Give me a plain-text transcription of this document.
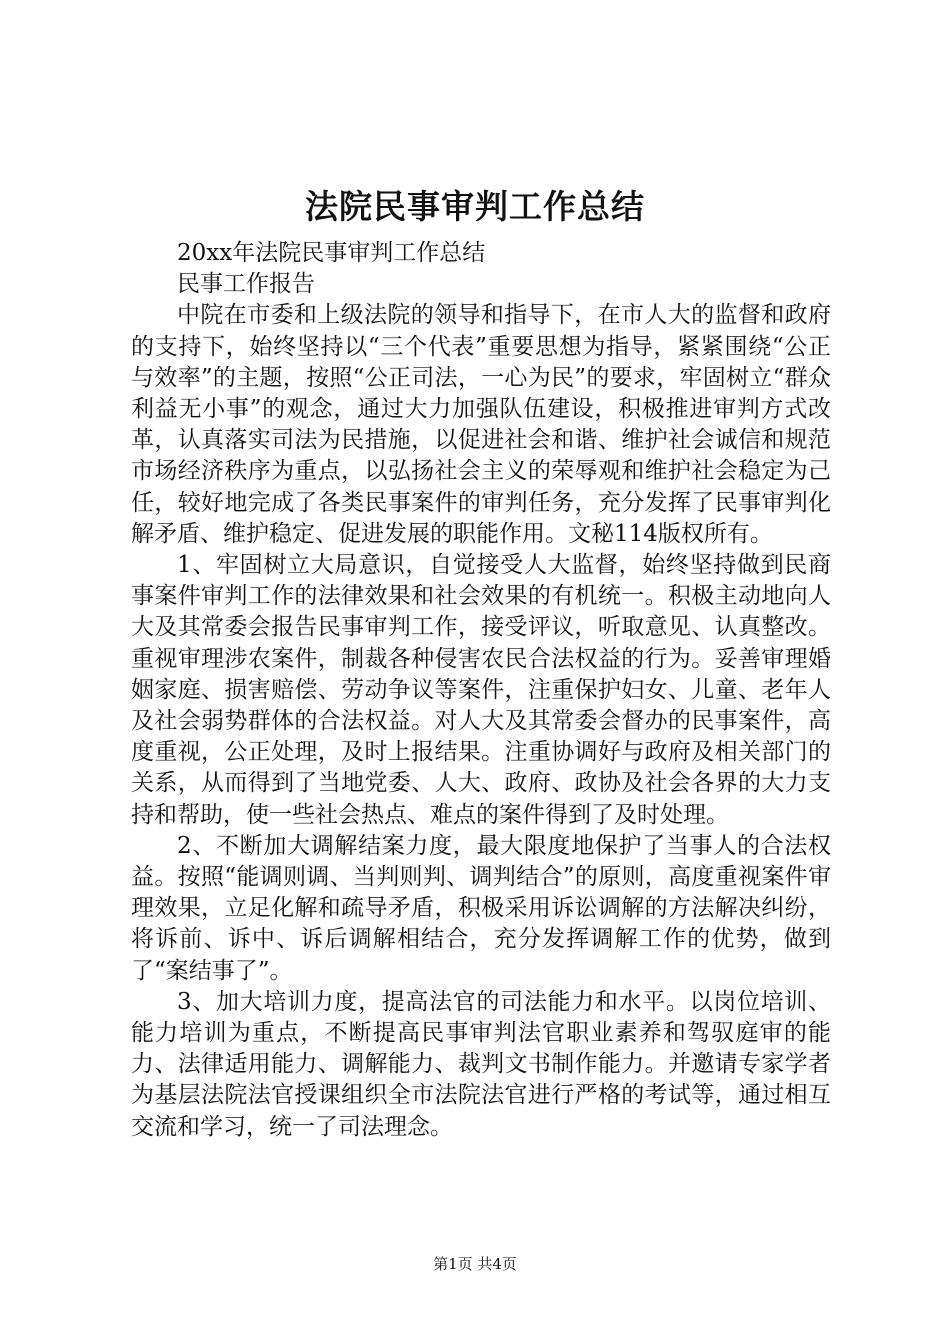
法院民事审判工作总结

20xx年法院民事审判工作总结

民事工作报告

中院在市委和上级法院的领导和指导下，在市人大的监督和政府的支持下，始终坚持以“三个代表”重要思想为指导，紧紧围绕“公正与效率”的主题，按照“公正司法，一心为民”的要求，牢固树立“群众利益无小事”的观念，通过大力加强队伍建设，积极推进审判方式改革，认真落实司法为民措施，以促进社会和谐、维护社会诚信和规范市场经济秩序为重点，以弘扬社会主义的荣辱观和维护社会稳定为己任，较好地完成了各类民事案件的审判任务，充分发挥了民事审判化解矛盾、维护稳定、促进发展的职能作用。文秘114版权所有。

1、牢固树立大局意识，自觉接受人大监督，始终坚持做到民商事案件审判工作的法律效果和社会效果的有机统一。积极主动地向人大及其常委会报告民事审判工作，接受评议，听取意见、认真整改。重视审理涉农案件，制裁各种侵害农民合法权益的行为。妥善审理婚姻家庭、损害赔偿、劳动争议等案件，注重保护妇女、儿童、老年人及社会弱势群体的合法权益。对人大及其常委会督办的民事案件，高度重视，公正处理，及时上报结果。注重协调好与政府及相关部门的关系，从而得到了当地党委、人大、政府、政协及社会各界的大力支持和帮助，使一些社会热点、难点的案件得到了及时处理。

2、不断加大调解结案力度，最大限度地保护了当事人的合法权益。按照“能调则调、当判则判、调判结合”的原则，高度重视案件审理效果，立足化解和疏导矛盾，积极采用诉讼调解的方法解决纠纷，将诉前、诉中、诉后调解相结合，充分发挥调解工作的优势，做到了“案结事了”。

3、加大培训力度，提高法官的司法能力和水平。以岗位培训、能力培训为重点，不断提高民事审判法官职业素养和驾驭庭审的能力、法律适用能力、调解能力、裁判文书制作能力。并邀请专家学者为基层法院法官授课组织全市法院法官进行严格的考试等，通过相互交流和学习，统一了司法理念。

第1页 共4页
